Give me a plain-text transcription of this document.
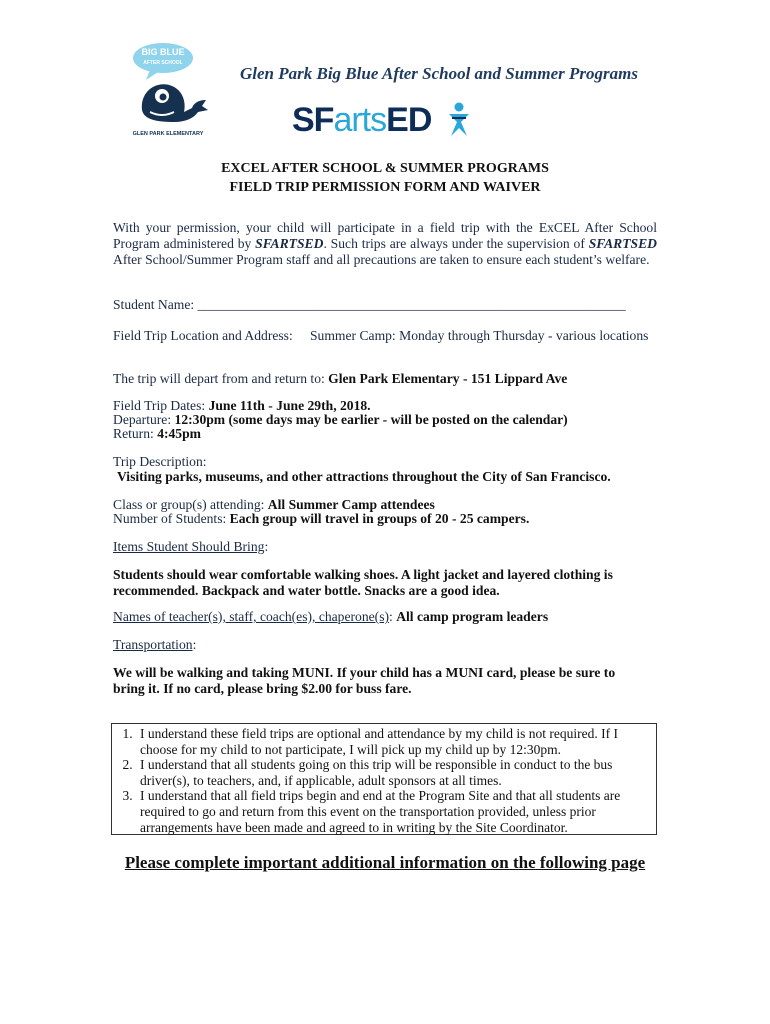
BIG BLUE
AFTER SCHOOL
GLEN PARK ELEMENTARY
Glen Park Big Blue After School and Summer Programs
SFartsED
EXCEL AFTER SCHOOL & SUMMER PROGRAMS
FIELD TRIP PERMISSION FORM AND WAIVER
With your permission, your child will participate in a field trip with the ExCEL After School Program administered by SFARTSED. Such trips are always under the supervision of SFARTSED After School/Summer Program staff and all precautions are taken to ensure each student’s welfare.
Student Name: _______________________________________________________________
Field Trip Location and Address: Summer Camp: Monday through Thursday - various locations
The trip will depart from and return to: Glen Park Elementary - 151 Lippard Ave
Field Trip Dates: June 11th - June 29th, 2018.
Departure: 12:30pm (some days may be earlier - will be posted on the calendar)
Return: 4:45pm
Trip Description:
Visiting parks, museums, and other attractions throughout the City of San Francisco.
Class or group(s) attending: All Summer Camp attendees
Number of Students: Each group will travel in groups of 20 - 25 campers.
Items Student Should Bring:
Students should wear comfortable walking shoes. A light jacket and layered clothing is recommended. Backpack and water bottle. Snacks are a good idea.
Names of teacher(s), staff, coach(es), chaperone(s): All camp program leaders
Transportation:
We will be walking and taking MUNI. If your child has a MUNI card, please be sure to bring it. If no card, please bring $2.00 for buss fare.
1. I understand these field trips are optional and attendance by my child is not required. If I choose for my child to not participate, I will pick up my child up by 12:30pm.
2. I understand that all students going on this trip will be responsible in conduct to the bus driver(s), to teachers, and, if applicable, adult sponsors at all times.
3. I understand that all field trips begin and end at the Program Site and that all students are required to go and return from this event on the transportation provided, unless prior arrangements have been made and agreed to in writing by the Site Coordinator.
Please complete important additional information on the following page
